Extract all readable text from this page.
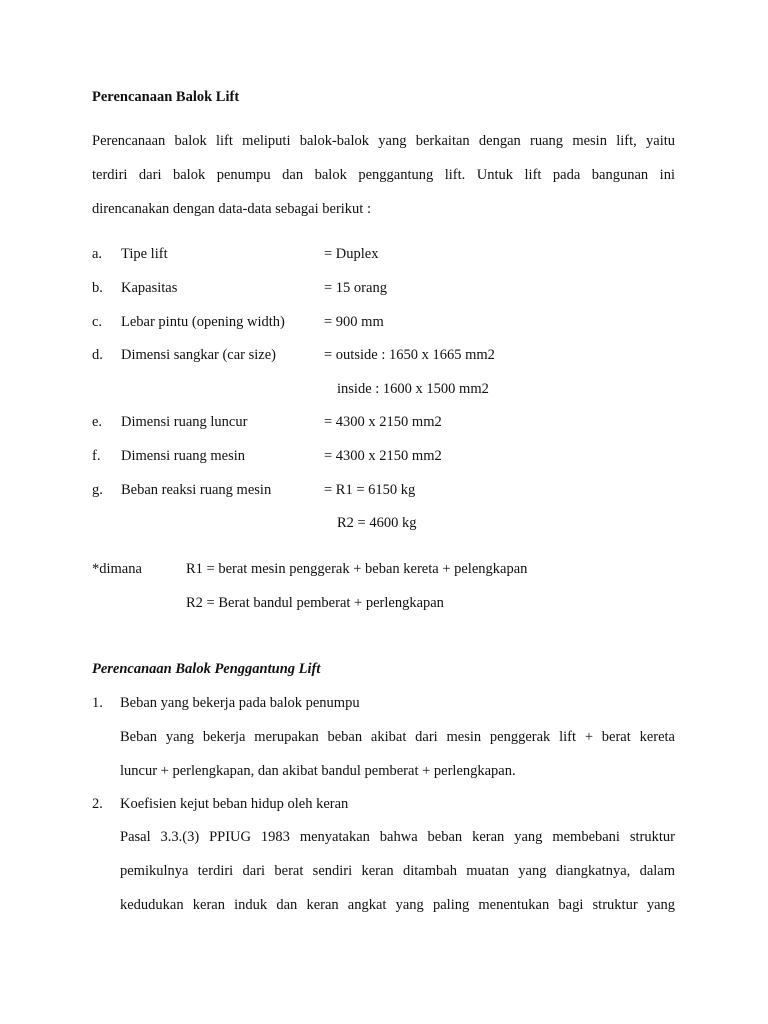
Perencanaan Balok Lift
Perencanaan balok lift meliputi balok-balok yang berkaitan dengan ruang mesin lift, yaitu
terdiri dari balok penumpu dan balok penggantung lift. Untuk lift pada bangunan ini
direncanakan dengan data-data sebagai berikut :
a. Tipe lift	= Duplex
b. Kapasitas	= 15 orang
c. Lebar pintu (opening width)	= 900 mm
d. Dimensi sangkar (car size)	= outside : 1650 x 1665 mm2
inside : 1600 x 1500 mm2
e. Dimensi ruang luncur	= 4300 x 2150 mm2
f. Dimensi ruang mesin	= 4300 x 2150 mm2
g. Beban reaksi ruang mesin	= R1 = 6150 kg
R2 = 4600 kg
*dimana	R1 = berat mesin penggerak + beban kereta + pelengkapan
R2 = Berat bandul pemberat + perlengkapan
Perencanaan Balok Penggantung Lift
1. Beban yang bekerja pada balok penumpu
Beban yang bekerja merupakan beban akibat dari mesin penggerak lift + berat kereta
luncur + perlengkapan, dan akibat bandul pemberat + perlengkapan.
2. Koefisien kejut beban hidup oleh keran
Pasal 3.3.(3) PPIUG 1983 menyatakan bahwa beban keran yang membebani struktur
pemikulnya terdiri dari berat sendiri keran ditambah muatan yang diangkatnya, dalam
kedudukan keran induk dan keran angkat yang paling menentukan bagi struktur yang
